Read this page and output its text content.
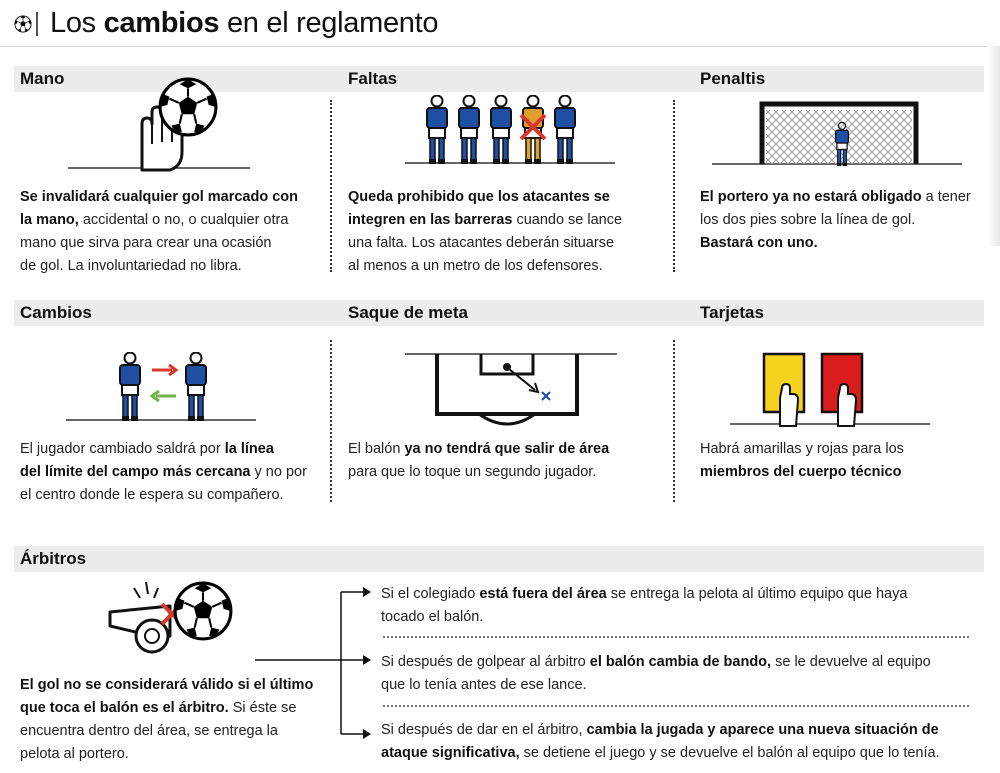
Los cambios en el reglamento
Mano	Faltas	Penaltis
Cambios	Saque de meta	Tarjetas
Árbitros

Se invalidará cualquier gol marcado con

la mano, accidental o no, o cualquier otra

mano que sirva para crear una ocasión

de gol. La involuntariedad no libra.

Queda prohibido que los atacantes se

integren en las barreras cuando se lance

una falta. Los atacantes deberán situarse

al menos a un metro de los defensores.

El portero ya no estará obligado a tener

los dos pies sobre la línea de gol.

Bastará con uno.

El jugador cambiado saldrá por la línea

del límite del campo más cercana y no por

el centro donde le espera su compañero.

El balón ya no tendrá que salir de área

para que lo toque un segundo jugador.

Habrá amarillas y rojas para los

miembros del cuerpo técnico

El gol no se considerará válido si el último

que toca el balón es el árbitro. Si éste se

encuentra dentro del área, se entrega la

pelota al portero.

Si el colegiado está fuera del área se entrega la pelota al último equipo que haya

tocado el balón.

Si después de golpear al árbitro el balón cambia de bando, se le devuelve al equipo

que lo tenía antes de ese lance.

Si después de dar en el árbitro, cambia la jugada y aparece una nueva situación de

ataque significativa, se detiene el juego y se devuelve el balón al equipo que lo tenía.
